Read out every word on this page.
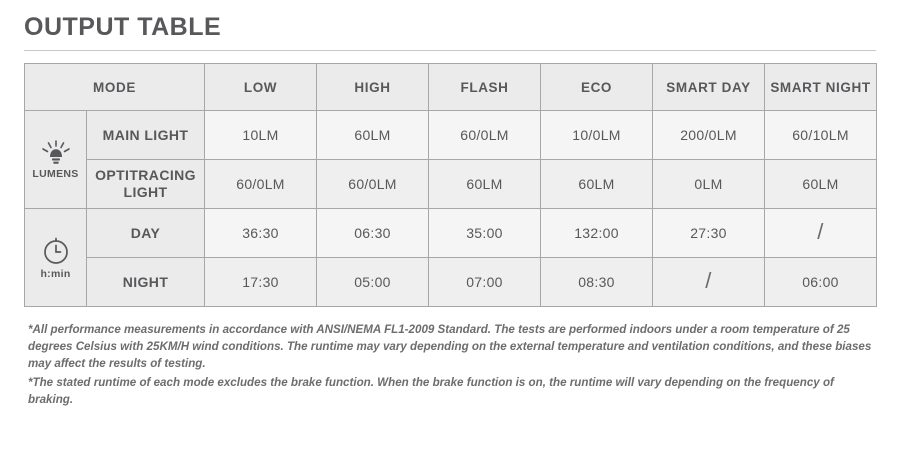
OUTPUT TABLE
MODE		LOW	HIGH	FLASH	ECO	SMART DAY	SMART NIGHT

LUMENS	MAIN LIGHT	10LM	60LM	60/0LM	10/0LM	200/0LM	60/10LM
	OPTITRACING LIGHT	60/0LM	60/0LM	60LM	60LM	0LM	60LM

h:min	DAY	36:30	06:30	35:00	132:00	27:30	/
	NIGHT	17:30	05:00	07:00	08:30	/	06:00

*All performance measurements in accordance with ANSI/NEMA FL1-2009 Standard. The tests are performed indoors under a room temperature of 25 degrees Celsius with 25KM/H wind conditions. The runtime may vary depending on the external temperature and ventilation conditions, and these biases may affect the results of testing.

*The stated runtime of each mode excludes the brake function. When the brake function is on, the runtime will vary depending on the frequency of braking.
